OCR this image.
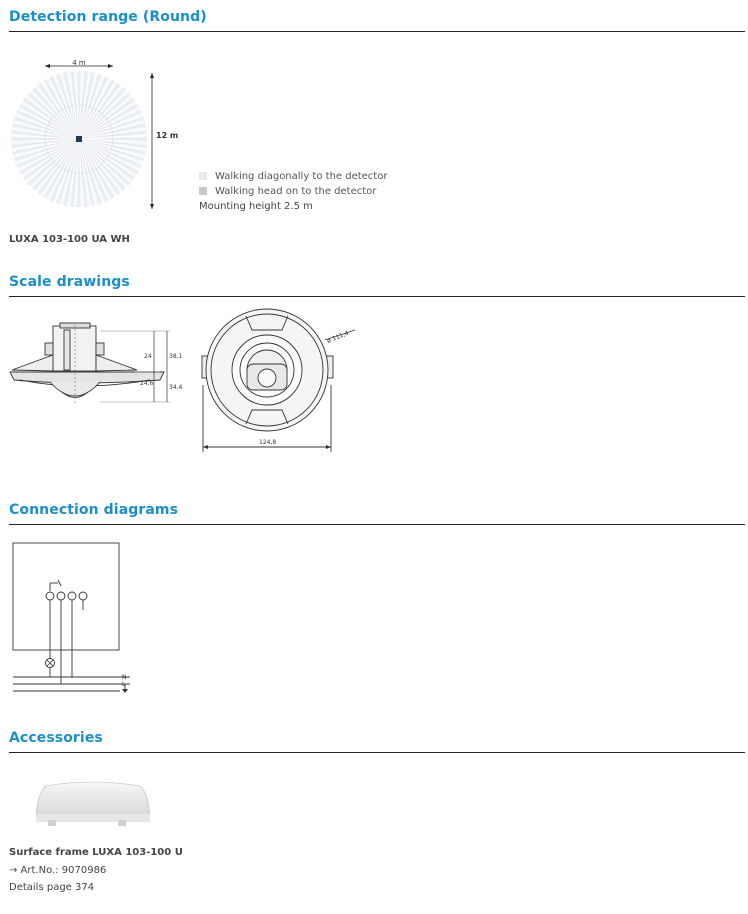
Detection range (Round)
4 m
12 m
Walking diagonally to the detector
Walking head on to the detector
Mounting height 2.5 m
LUXA 103-100 UA WH
Scale drawings
24	38,1
24,6
34,4
ø 111,4
124,8
Connection diagrams
N
L
Accessories
Surface frame LUXA 103-100 U
→ Art.No.: 9070986
Details page 374
